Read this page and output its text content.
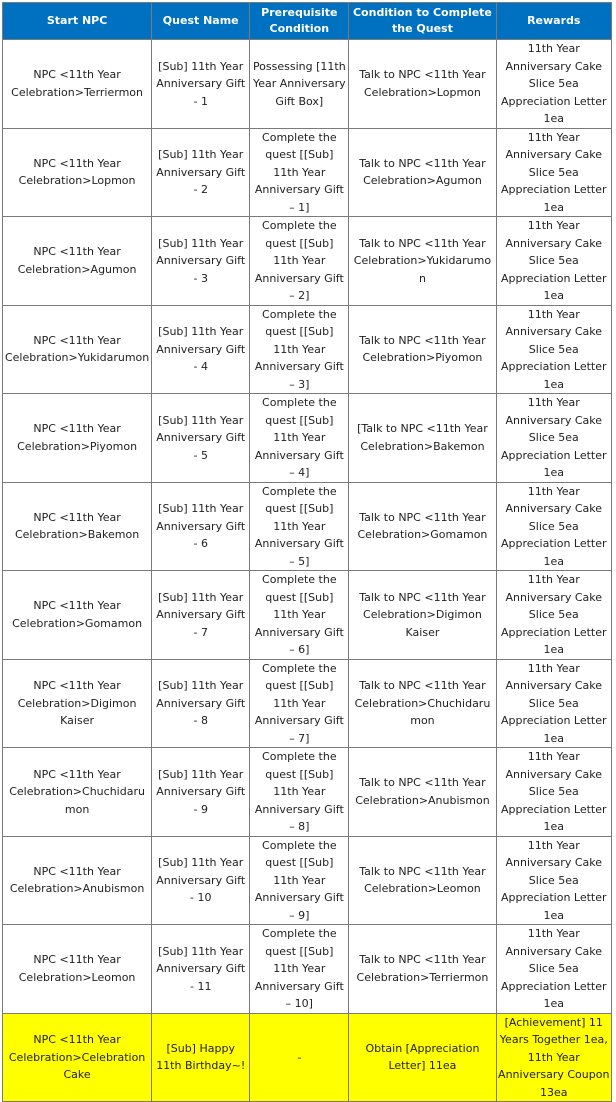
Start NPC	Quest Name	Prerequisite Condition	Condition to Complete the Quest	Rewards
NPC <11th Year Celebration>Terriermon	[Sub] 11th Year Anniversary Gift - 1	Possessing [11th Year Anniversary Gift Box]	Talk to NPC <11th Year Celebration>Lopmon	11th Year Anniversary Cake Slice 5ea Appreciation Letter 1ea
NPC <11th Year Celebration>Lopmon	[Sub] 11th Year Anniversary Gift - 2	Complete the quest [[Sub] 11th Year Anniversary Gift – 1]	Talk to NPC <11th Year Celebration>Agumon	11th Year Anniversary Cake Slice 5ea Appreciation Letter 1ea
NPC <11th Year Celebration>Agumon	[Sub] 11th Year Anniversary Gift - 3	Complete the quest [[Sub] 11th Year Anniversary Gift – 2]	Talk to NPC <11th Year Celebration>Yukidarumon	11th Year Anniversary Cake Slice 5ea Appreciation Letter 1ea
NPC <11th Year Celebration>Yukidarumon	[Sub] 11th Year Anniversary Gift - 4	Complete the quest [[Sub] 11th Year Anniversary Gift – 3]	Talk to NPC <11th Year Celebration>Piyomon	11th Year Anniversary Cake Slice 5ea Appreciation Letter 1ea
NPC <11th Year Celebration>Piyomon	[Sub] 11th Year Anniversary Gift - 5	Complete the quest [[Sub] 11th Year Anniversary Gift – 4]	[Talk to NPC <11th Year Celebration>Bakemon	11th Year Anniversary Cake Slice 5ea Appreciation Letter 1ea
NPC <11th Year Celebration>Bakemon	[Sub] 11th Year Anniversary Gift - 6	Complete the quest [[Sub] 11th Year Anniversary Gift – 5]	Talk to NPC <11th Year Celebration>Gomamon	11th Year Anniversary Cake Slice 5ea Appreciation Letter 1ea
NPC <11th Year Celebration>Gomamon	[Sub] 11th Year Anniversary Gift - 7	Complete the quest [[Sub] 11th Year Anniversary Gift – 6]	Talk to NPC <11th Year Celebration>Digimon Kaiser	11th Year Anniversary Cake Slice 5ea Appreciation Letter 1ea
NPC <11th Year Celebration>Digimon Kaiser	[Sub] 11th Year Anniversary Gift - 8	Complete the quest [[Sub] 11th Year Anniversary Gift – 7]	Talk to NPC <11th Year Celebration>Chuchidarumon	11th Year Anniversary Cake Slice 5ea Appreciation Letter 1ea
NPC <11th Year Celebration>Chuchidarumon	[Sub] 11th Year Anniversary Gift - 9	Complete the quest [[Sub] 11th Year Anniversary Gift – 8]	Talk to NPC <11th Year Celebration>Anubismon	11th Year Anniversary Cake Slice 5ea Appreciation Letter 1ea
NPC <11th Year Celebration>Anubismon	[Sub] 11th Year Anniversary Gift - 10	Complete the quest [[Sub] 11th Year Anniversary Gift – 9]	Talk to NPC <11th Year Celebration>Leomon	11th Year Anniversary Cake Slice 5ea Appreciation Letter 1ea
NPC <11th Year Celebration>Leomon	[Sub] 11th Year Anniversary Gift - 11	Complete the quest [[Sub] 11th Year Anniversary Gift – 10]	Talk to NPC <11th Year Celebration>Terriermon	11th Year Anniversary Cake Slice 5ea Appreciation Letter 1ea
NPC <11th Year Celebration>Celebration Cake	[Sub] Happy 11th Birthday~!	-	Obtain [Appreciation Letter] 11ea	[Achievement] 11 Years Together 1ea, 11th Year Anniversary Coupon 13ea
